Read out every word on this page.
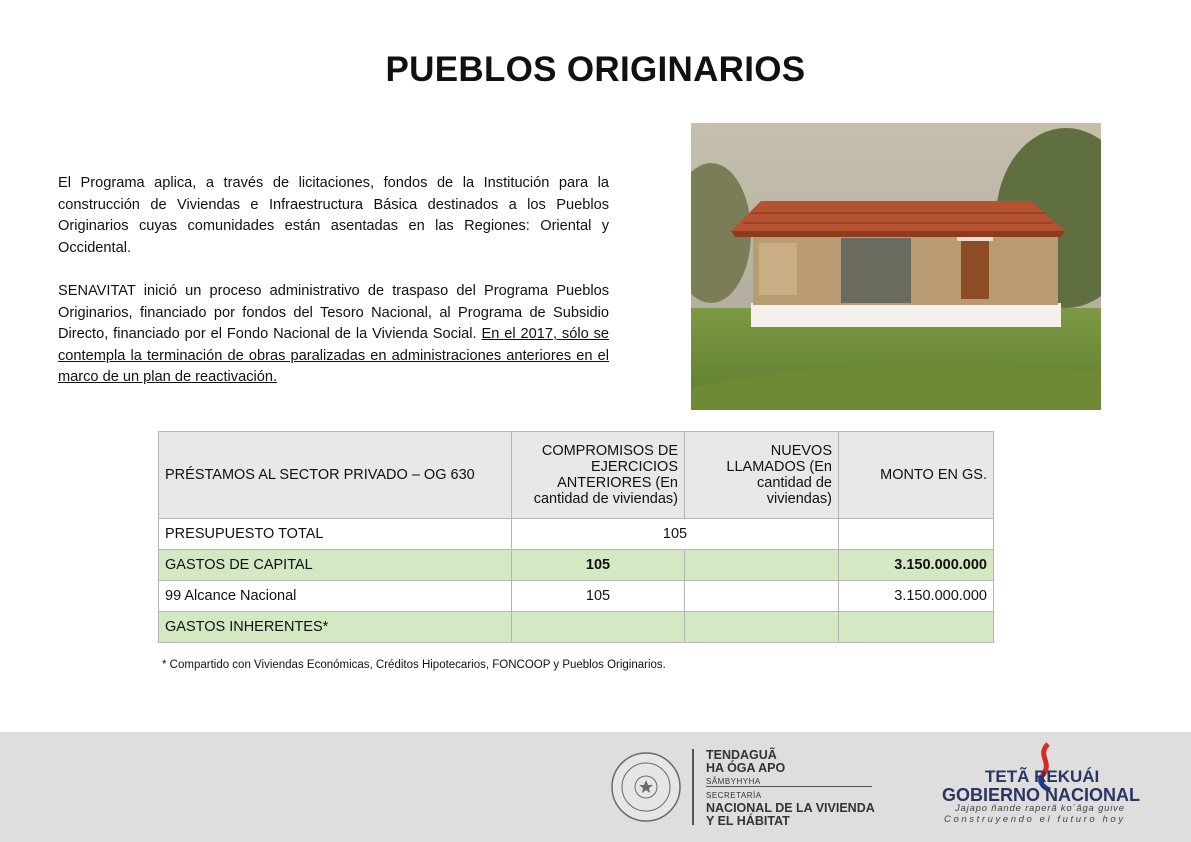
PUEBLOS ORIGINARIOS

El Programa aplica, a través de licitaciones, fondos de la Institución para la construcción de Viviendas e Infraestructura Básica destinados a los Pueblos Originarios cuyas comunidades están asentadas en las Regiones: Oriental y Occidental.

SENAVITAT inició un proceso administrativo de traspaso del Programa Pueblos Originarios, financiado por fondos del Tesoro Nacional, al Programa de Subsidio Directo, financiado por el Fondo Nacional de la Vivienda Social. En el 2017, sólo se contempla la terminación de obras paralizadas en administraciones anteriores en el marco de un plan de reactivación.

PRÉSTAMOS AL SECTOR PRIVADO – OG 630	COMPROMISOS DE EJERCICIOS ANTERIORES (En cantidad de viviendas)	NUEVOS LLAMADOS (En cantidad de viviendas)	MONTO EN GS.
PRESUPUESTO TOTAL	105		
GASTOS DE CAPITAL	105		3.150.000.000
99 Alcance Nacional	105		3.150.000.000
GASTOS INHERENTES*			
* Compartido con Viviendas Económicas, Créditos Hipotecarios, FONCOOP y Pueblos Originarios.
TENDAGUÃ
HA ÓGA APO
SÃMBYHYHA
SECRETARÍA
NACIONAL DE LA VIVIENDA
Y EL HÁBITAT
TETÃ REKUÁI
GOBIERNO NACIONAL
Jajapo ñande raperã ko´ãga guive
Construyendo el futuro hoy
